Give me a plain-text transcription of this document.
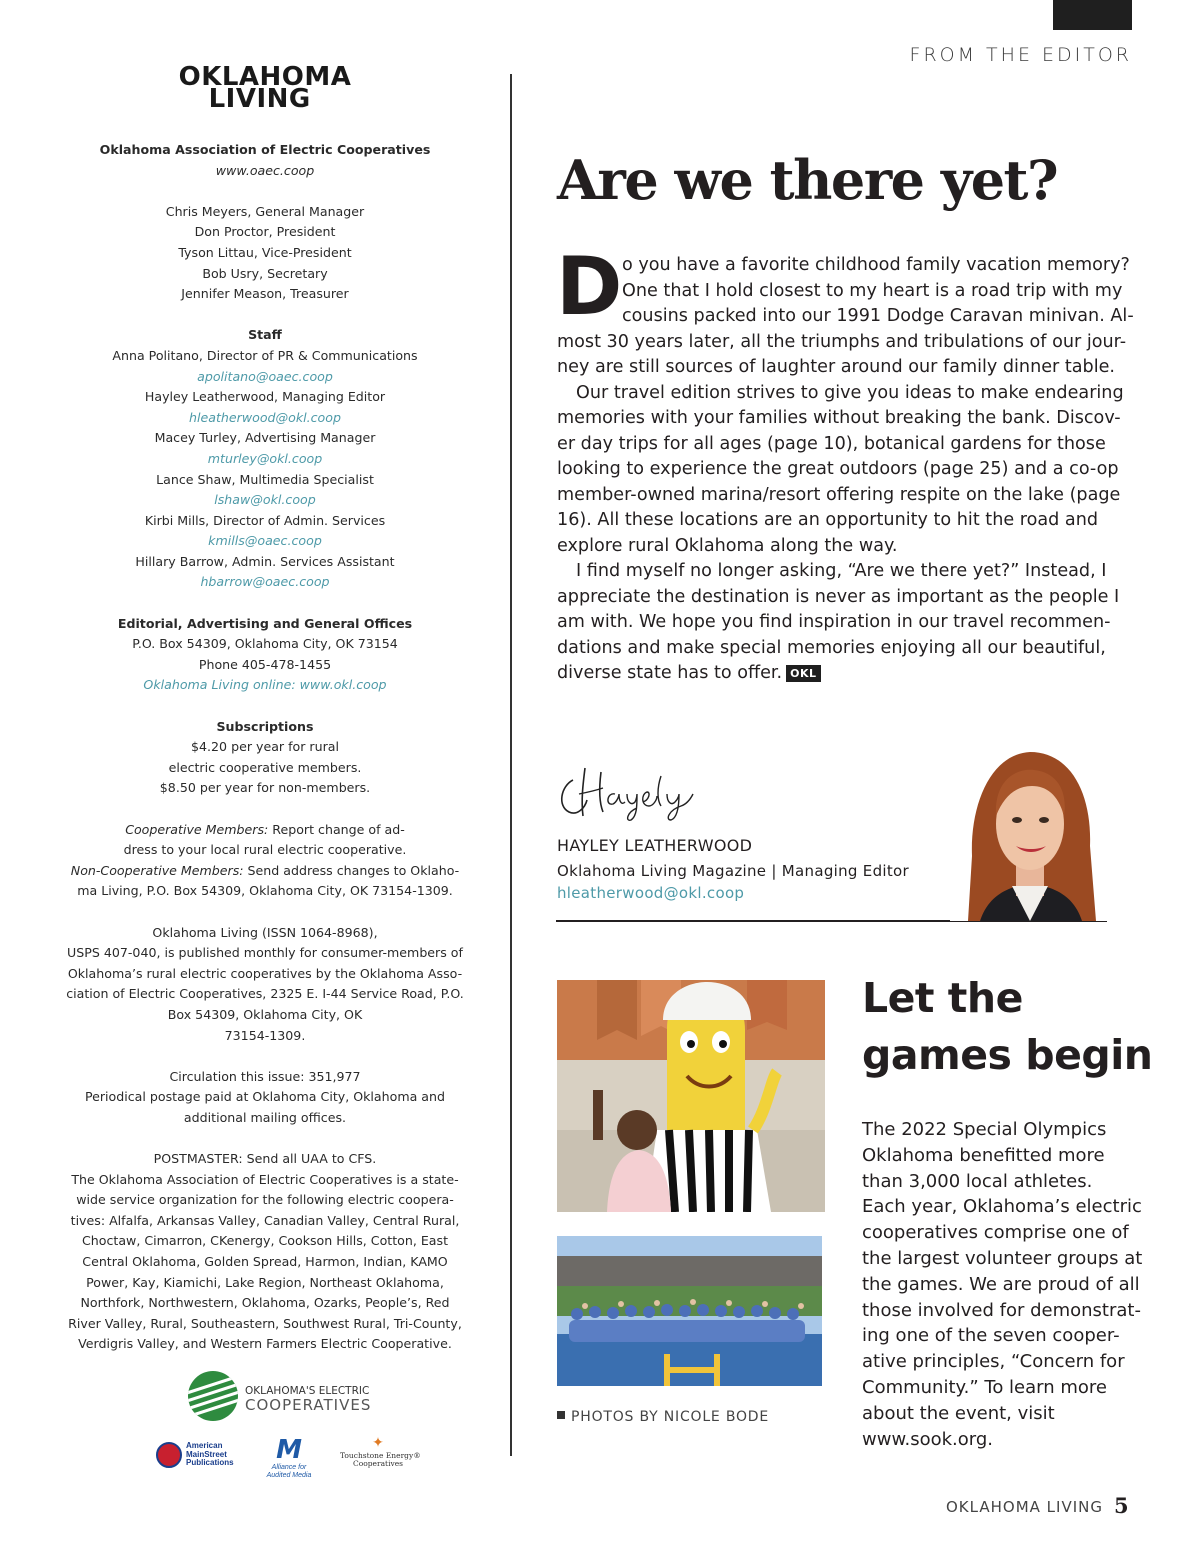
FROM THE EDITOR
OKLAHOMA
LIVING

Oklahoma Association of Electric Cooperatives

www.oaec.coop

Chris Meyers, General Manager

Don Proctor, President

Tyson Littau, Vice-President

Bob Usry, Secretary

Jennifer Meason, Treasurer

Staff

Anna Politano, Director of PR & Communications

apolitano@oaec.coop

Hayley Leatherwood, Managing Editor

hleatherwood@okl.coop

Macey Turley, Advertising Manager

mturley@okl.coop

Lance Shaw, Multimedia Specialist

lshaw@okl.coop

Kirbi Mills, Director of Admin. Services

kmills@oaec.coop

Hillary Barrow, Admin. Services Assistant

hbarrow@oaec.coop

Editorial, Advertising and General Offices

P.O. Box 54309, Oklahoma City, OK 73154

Phone 405-478-1455

Oklahoma Living online: www.okl.coop

Subscriptions

$4.20 per year for rural

electric cooperative members.

$8.50 per year for non-members.

Cooperative Members: Report change of ad-

dress to your local rural electric cooperative.

Non-Cooperative Members: Send address changes to Oklaho-

ma Living, P.O. Box 54309, Oklahoma City, OK 73154-1309.

Oklahoma Living (ISSN 1064-8968),

USPS 407-040, is published monthly for consumer-members of

Oklahoma’s rural electric cooperatives by the Oklahoma Asso-

ciation of Electric Cooperatives, 2325 E. I-44 Service Road, P.O.

Box 54309, Oklahoma City, OK

73154-1309.

Circulation this issue: 351,977

Periodical postage paid at Oklahoma City, Oklahoma and

additional mailing offices.

POSTMASTER: Send all UAA to CFS.

The Oklahoma Association of Electric Cooperatives is a state-

wide service organization for the following electric coopera-

tives: Alfalfa, Arkansas Valley, Canadian Valley, Central Rural,

Choctaw, Cimarron, CKenergy, Cookson Hills, Cotton, East

Central Oklahoma, Golden Spread, Harmon, Indian, KAMO

Power, Kay, Kiamichi, Lake Region, Northeast Oklahoma,

Northfork, Northwestern, Oklahoma, Ozarks, People’s, Red

River Valley, Rural, Southeastern, Southwest Rural, Tri-County,

Verdigris Valley, and Western Farmers Electric Cooperative.

OKLAHOMA'S ELECTRIC
COOPERATIVES
American
MainStreet
Publications	M
Alliance for
Audited Media
✦
Touchstone Energy®
Cooperatives
Are we there yet?
D o you have a favorite childhood family vacation memory?
One that I hold closest to my heart is a road trip with my
cousins packed into our 1991 Dodge Caravan minivan. Al-
most 30 years later, all the triumphs and tribulations of our jour-
ney are still sources of laughter around our family dinner table.
Our travel edition strives to give you ideas to make endearing
memories with your families without breaking the bank. Discov-
er day trips for all ages (page 10), botanical gardens for those
looking to experience the great outdoors (page 25) and a co-op
member-owned marina/resort offering respite on the lake (page
16). All these locations are an opportunity to hit the road and
explore rural Oklahoma along the way.
I find myself no longer asking, “Are we there yet?” Instead, I
appreciate the destination is never as important as the people I
am with. We hope you find inspiration in our travel recommen-
dations and make special memories enjoying all our beautiful,
diverse state has to offer. OKL
HAYLEY LEATHERWOOD
Oklahoma Living Magazine | Managing Editor
hleatherwood@okl.coop
PHOTOS BY NICOLE BODE
Let the
games begin
The 2022 Special Olympics
Oklahoma benefitted more
than 3,000 local athletes.
Each year, Oklahoma’s electric
cooperatives comprise one of
the largest volunteer groups at
the games. We are proud of all
those involved for demonstrat-
ing one of the seven cooper-
ative principles, “Concern for
Community.” To learn more
about the event, visit
www.sook.org.
OKLAHOMA LIVING 5
